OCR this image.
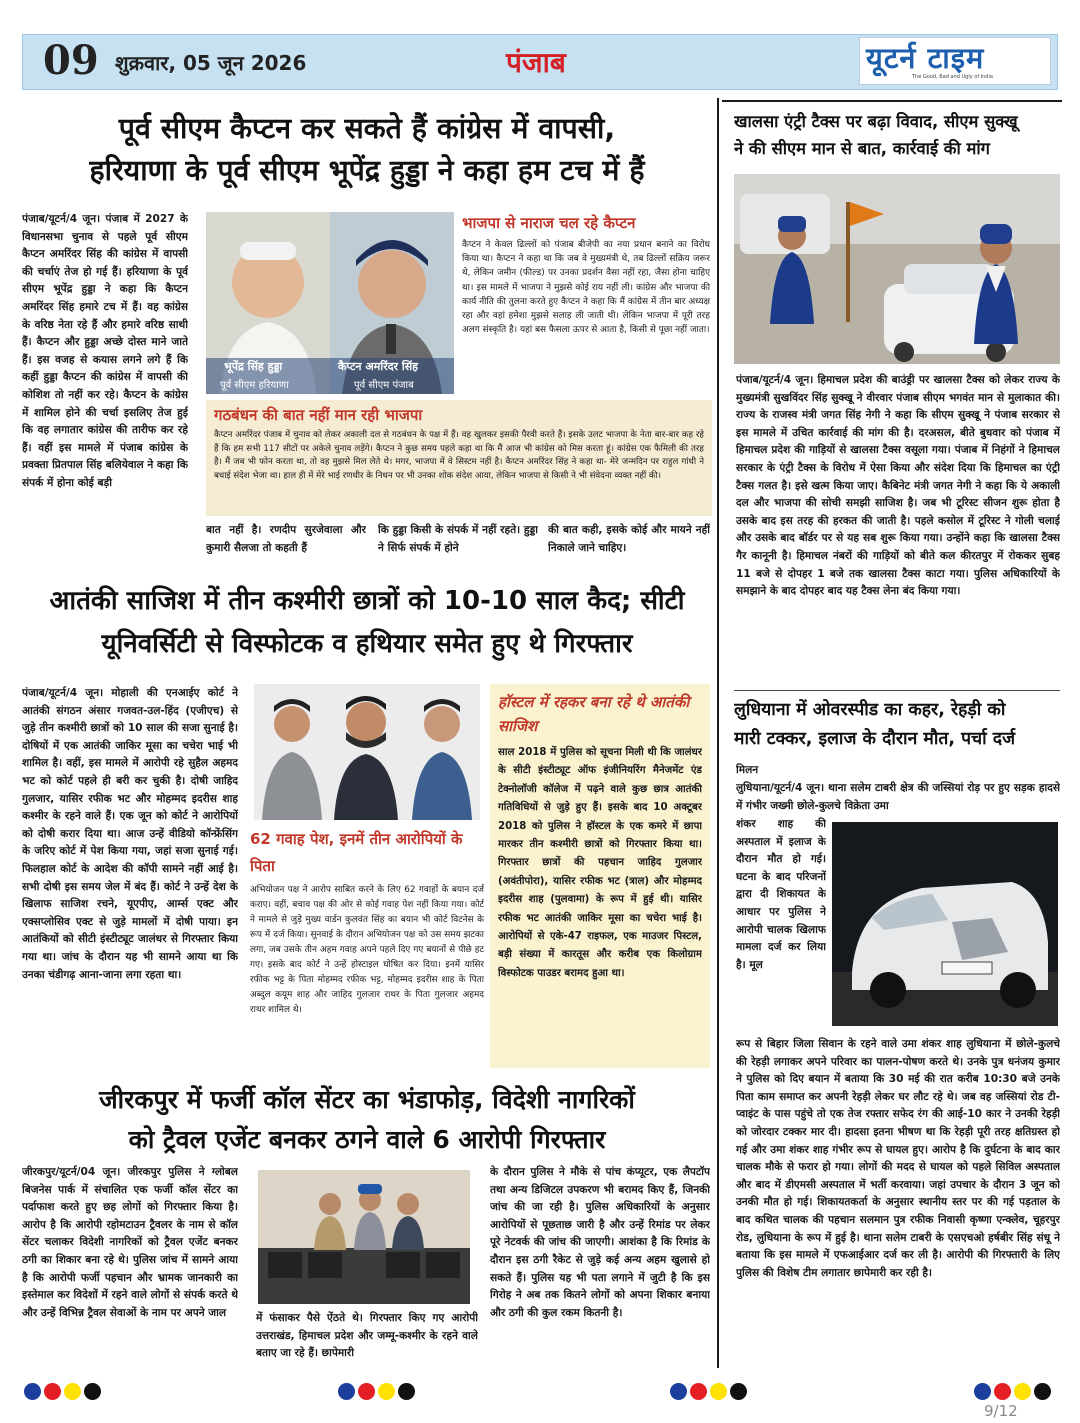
09 शुक्रवार, 05 जून 2026	पंजाब	यूटर्न टाइम
The Good, Bad and Ugly of India
पूर्व सीएम कैप्टन कर सकते हैं कांग्रेस में वापसी,
हरियाणा के पूर्व सीएम भूपेंद्र हुड्डा ने कहा हम टच में हैं
पंजाब/यूटर्न/4 जून। पंजाब में 2027 के विधानसभा चुनाव से पहले पूर्व सीएम कैप्टन अमरिंदर सिंह की कांग्रेस में वापसी की चर्चाएं तेज हो गई हैं। हरियाणा के पूर्व सीएम भूपेंद्र हुड्डा ने कहा कि कैप्टन अमरिंदर सिंह हमारे टच में हैं। वह कांग्रेस के वरिष्ठ नेता रहे हैं और हमारे वरिष्ठ साथी हैं। कैप्टन और हुड्डा अच्छे दोस्त माने जाते हैं। इस वजह से कयास लगने लगे हैं कि कहीं हुड्डा कैप्टन की कांग्रेस में वापसी की कोशिश तो नहीं कर रहे। कैप्टन के कांग्रेस में शामिल होने की चर्चा इसलिए तेज हुई कि वह लगातार कांग्रेस की तारीफ कर रहे हैं। वहीं इस मामले में पंजाब कांग्रेस के प्रवक्ता प्रितपाल सिंह बलियेवाल ने कहा कि संपर्क में होना कोई बड़ी
भूपेंद्र सिंह हुड्डा
पूर्व सीएम हरियाणा
कैप्टन अमरिंदर सिंह
पूर्व सीएम पंजाब
भाजपा से नाराज चल रहे कैप्टन
कैप्टन ने केवल ढिल्लों को पंजाब बीजेपी का नया प्रधान बनाने का विरोध किया था। कैप्टन ने कहा था कि जब वे मुख्यमंत्री थे, तब ढिल्लों सक्रिय जरूर थे, लेकिन जमीन (फील्ड) पर उनका प्रदर्शन वैसा नहीं रहा, जैसा होना चाहिए था। इस मामले में भाजपा ने मुझसे कोई राय नहीं ली। कांग्रेस और भाजपा की कार्य नीति की तुलना करते हुए कैप्टन ने कहा कि मैं कांग्रेस में तीन बार अध्यक्ष रहा और वहां हमेशा मुझसे सलाह ली जाती थी। लेकिन भाजपा में पूरी तरह अलग संस्कृति है। यहां बस फैसला ऊपर से आता है, किसी से पूछा नहीं जाता।
गठबंधन की बात नहीं मान रही भाजपा
कैप्टन अमरिंदर पंजाब में चुनाव को लेकर अकाली दल से गठबंधन के पक्ष में हैं। वह खुलकर इसकी पैरवी करते हैं। इसके उलट भाजपा के नेता बार-बार कह रहे हैं कि हम सभी 117 सीटों पर अकेले चुनाव लड़ेंगे। कैप्टन ने कुछ समय पहले कहा था कि मैं आज भी कांग्रेस को मिस करता हूं। कांग्रेस एक फैमिली की तरह है। मैं जब भी फोन करता था, तो वह मुझसे मिल लेते थे। मगर, भाजपा में वे सिस्टम नहीं है। कैप्टन अमरिंदर सिंह ने कहा था- मेरे जन्मदिन पर राहुल गांधी ने बधाई संदेश भेजा था। हाल ही में मेरे भाई रणधीर के निधन पर भी उनका शोक संदेश आया, लेकिन भाजपा से किसी ने भी संवेदना व्यक्त नहीं की।
बात नहीं है। रणदीप सुरजेवाला और कुमारी सैलजा तो कहती हैं
कि हुड्डा किसी के संपर्क में नहीं रहते। हुड्डा ने सिर्फ संपर्क में होने
की बात कही, इसके कोई और मायने नहीं निकाले जाने चाहिए।
आतंकी साजिश में तीन कश्मीरी छात्रों को 10-10 साल कैद; सीटी
यूनिवर्सिटी से विस्फोटक व हथियार समेत हुए थे गिरफ्तार
पंजाब/यूटर्न/4 जून। मोहाली की एनआईए कोर्ट ने आतंकी संगठन अंसार गजवत-उल-हिंद (एजीएच) से जुड़े तीन कश्मीरी छात्रों को 10 साल की सजा सुनाई है। दोषियों में एक आतंकी जाकिर मूसा का चचेरा भाई भी शामिल है। वहीं, इस मामले में आरोपी रहे सुहैल अहमद भट को कोर्ट पहले ही बरी कर चुकी है। दोषी जाहिद गुलजार, यासिर रफीक भट और मोहम्मद इदरीस शाह कश्मीर के रहने वाले हैं। एक जून को कोर्ट ने आरोपियों को दोषी करार दिया था। आज उन्हें वीडियो कॉन्फ्रेंसिंग के जरिए कोर्ट में पेश किया गया, जहां सजा सुनाई गई। फिलहाल कोर्ट के आदेश की कॉपी सामने नहीं आई है। सभी दोषी इस समय जेल में बंद हैं। कोर्ट ने उन्हें देश के खिलाफ साजिश रचने, यूएपीए, आर्म्स एक्ट और एक्सप्लोसिव एक्ट से जुड़े मामलों में दोषी पाया। इन आतंकियों को सीटी इंस्टीट्यूट जालंधर से गिरफ्तार किया गया था। जांच के दौरान यह भी सामने आया था कि उनका चंडीगढ़ आना-जाना लगा रहता था।
62 गवाह पेश, इनमें तीन आरोपियों के पिता
अभियोजन पक्ष ने आरोप साबित करने के लिए 62 गवाहों के बयान दर्ज कराए। वहीं, बचाव पक्ष की ओर से कोई गवाह पेश नहीं किया गया। कोर्ट ने मामले से जुड़े मुख्य वार्डन कुलवंत सिंह का बयान भी कोर्ट विटनेस के रूप में दर्ज किया। सुनवाई के दौरान अभियोजन पक्ष को उस समय झटका लगा, जब उसके तीन अहम गवाह अपने पहले दिए गए बयानों से पीछे हट गए। इसके बाद कोर्ट ने उन्हें होस्टाइल घोषित कर दिया। इनमें यासिर रफीक भट्ट के पिता मोहम्मद रफीक भट्ट, मोहम्मद इदरीस शाह के पिता अब्दुल कयूम शाह और जाहिद गुलजार राथर के पिता गुलजार अहमद राथर शामिल थे।
हॉस्टल में रहकर बना रहे थे आतंकी साजिश
साल 2018 में पुलिस को सूचना मिली थी कि जालंधर के सीटी इंस्टीट्यूट ऑफ इंजीनियरिंग मैनेजमेंट एंड टेक्नोलॉजी कॉलेज में पढ़ने वाले कुछ छात्र आतंकी गतिविधियों से जुड़े हुए हैं। इसके बाद 10 अक्टूबर 2018 को पुलिस ने हॉस्टल के एक कमरे में छापा मारकर तीन कश्मीरी छात्रों को गिरफ्तार किया था। गिरफ्तार छात्रों की पहचान जाहिद गुलजार (अवंतीपोरा), यासिर रफीक भट (त्राल) और मोहम्मद इदरीस शाह (पुलवामा) के रूप में हुई थी। यासिर रफीक भट आतंकी जाकिर मूसा का चचेरा भाई है। आरोपियों से एके-47 राइफल, एक माउजर पिस्टल, बड़ी संख्या में कारतूस और करीब एक किलोग्राम विस्फोटक पाउडर बरामद हुआ था।
जीरकपुर में फर्जी कॉल सेंटर का भंडाफोड़, विदेशी नागरिकों
को ट्रैवल एजेंट बनकर ठगने वाले 6 आरोपी गिरफ्तार
जीरकपुर/यूटर्न/04 जून। जीरकपुर पुलिस ने ग्लोबल बिजनेस पार्क में संचालित एक फर्जी कॉल सेंटर का पर्दाफाश करते हुए छह लोगों को गिरफ्तार किया है। आरोप है कि आरोपी रहोमटाउन ट्रैवलर के नाम से कॉल सेंटर चलाकर विदेशी नागरिकों को ट्रैवल एजेंट बनकर ठगी का शिकार बना रहे थे। पुलिस जांच में सामने आया है कि आरोपी फर्जी पहचान और भ्रामक जानकारी का इस्तेमाल कर विदेशों में रहने वाले लोगों से संपर्क करते थे और उन्हें विभिन्न ट्रैवल सेवाओं के नाम पर अपने जाल	में फंसाकर पैसे ऐंठते थे। गिरफ्तार किए गए आरोपी उत्तराखंड, हिमाचल प्रदेश और जम्मू-कश्मीर के रहने वाले बताए जा रहे हैं। छापेमारी
के दौरान पुलिस ने मौके से पांच कंप्यूटर, एक लैपटॉप तथा अन्य डिजिटल उपकरण भी बरामद किए हैं, जिनकी जांच की जा रही है। पुलिस अधिकारियों के अनुसार आरोपियों से पूछताछ जारी है और उन्हें रिमांड पर लेकर पूरे नेटवर्क की जांच की जाएगी। आशंका है कि रिमांड के दौरान इस ठगी रैकेट से जुड़े कई अन्य अहम खुलासे हो सकते हैं। पुलिस यह भी पता लगाने में जुटी है कि इस गिरोह ने अब तक कितने लोगों को अपना शिकार बनाया और ठगी की कुल रकम कितनी है।
खालसा एंट्री टैक्स पर बढ़ा विवाद, सीएम सुक्खू
ने की सीएम मान से बात, कार्रवाई की मांग
पंजाब/यूटर्न/4 जून। हिमाचल प्रदेश की बाउंड्री पर खालसा टैक्स को लेकर राज्य के मुख्यमंत्री सुखविंदर सिंह सुक्खू ने वीरवार पंजाब सीएम भगवंत मान से मुलाकात की। राज्य के राजस्व मंत्री जगत सिंह नेगी ने कहा कि सीएम सुक्खू ने पंजाब सरकार से इस मामले में उचित कार्रवाई की मांग की है। दरअसल, बीते बुधवार को पंजाब में हिमाचल प्रदेश की गाड़ियों से खालसा टैक्स वसूला गया। पंजाब में निहंगों ने हिमाचल सरकार के एंट्री टैक्स के विरोध में ऐसा किया और संदेश दिया कि हिमाचल का एंट्री टैक्स गलत है। इसे खत्म किया जाए। कैबिनेट मंत्री जगत नेगी ने कहा कि ये अकाली दल और भाजपा की सोची समझी साजिश है। जब भी टूरिस्ट सीजन शुरू होता है उसके बाद इस तरह की हरकत की जाती है। पहले कसोल में टूरिस्ट ने गोली चलाई और उसके बाद बॉर्डर पर से यह सब शुरू किया गया। उन्होंने कहा कि खालसा टैक्स गैर कानूनी है। हिमाचल नंबरों की गाड़ियों को बीते कल कीरतपुर में रोककर सुबह 11 बजे से दोपहर 1 बजे तक खालसा टैक्स काटा गया। पुलिस अधिकारियों के समझाने के बाद दोपहर बाद यह टैक्स लेना बंद किया गया।
लुधियाना में ओवरस्पीड का कहर, रेहड़ी को
मारी टक्कर, इलाज के दौरान मौत, पर्चा दर्ज
मिलन
लुधियाना/यूटर्न/4 जून। थाना सलेम टाबरी क्षेत्र की जस्सियां रोड़ पर हुए सड़क हादसे में गंभीर जख्मी छोले-कुलचे विक्रेता उमा
शंकर शाह की अस्पताल में इलाज के दौरान मौत हो गई। घटना के बाद परिजनों द्वारा दी शिकायत के आधार पर पुलिस ने आरोपी चालक खिलाफ मामला दर्ज कर लिया है। मूल
रूप से बिहार जिला सिवान के रहने वाले उमा शंकर शाह लुधियाना में छोले-कुलचे की रेहड़ी लगाकर अपने परिवार का पालन-पोषण करते थे। उनके पुत्र धनंजय कुमार ने पुलिस को दिए बयान में बताया कि 30 मई की रात करीब 10:30 बजे उनके पिता काम समाप्त कर अपनी रेहड़ी लेकर घर लौट रहे थे। जब वह जस्सियां रोड टी-प्वाइंट के पास पहुंचे तो एक तेज रफ्तार सफेद रंग की आई-10 कार ने उनकी रेहड़ी को जोरदार टक्कर मार दी। हादसा इतना भीषण था कि रेहड़ी पूरी तरह क्षतिग्रस्त हो गई और उमा शंकर शाह गंभीर रूप से घायल हुए। आरोप है कि दुर्घटना के बाद कार चालक मौके से फरार हो गया। लोगों की मदद से घायल को पहले सिविल अस्पताल और बाद में डीएमसी अस्पताल में भर्ती करवाया। जहां उपचार के दौरान 3 जून को उनकी मौत हो गई। शिकायतकर्ता के अनुसार स्थानीय स्तर पर की गई पड़ताल के बाद कथित चालक की पहचान सलमान पुत्र रफीक निवासी कृष्णा एन्क्लेव, चूहरपुर रोड, लुधियाना के रूप में हुई है। थाना सलेम टाबरी के एसएचओ हर्षबीर सिंह संधू ने बताया कि इस मामले में एफआईआर दर्ज कर ली है। आरोपी की गिरफ्तारी के लिए पुलिस की विशेष टीम लगातार छापेमारी कर रही है।
9/12
